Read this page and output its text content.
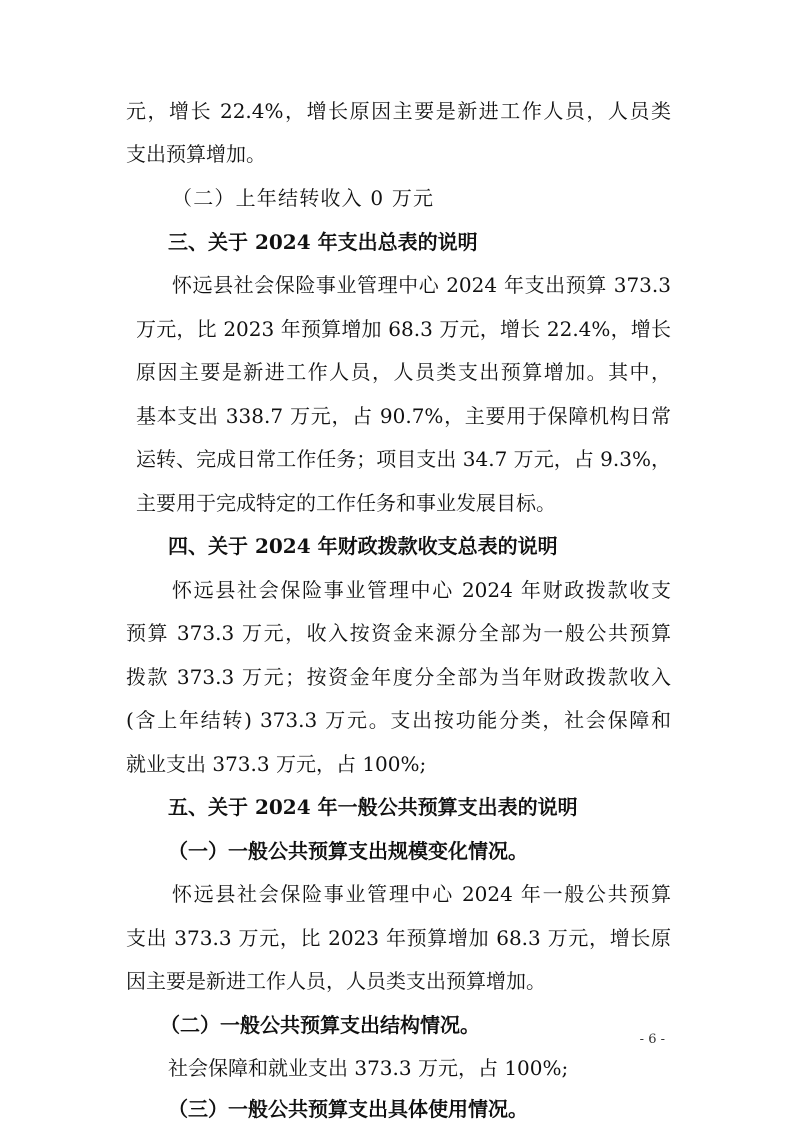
元，增长 22.4%，增长原因主要是新进工作人员，人员类
支出预算增加。
（二）上年结转收入 0 万元
三、关于 2024 年支出总表的说明
怀远县社会保险事业管理中心 2024 年支出预算 373.3
万元，比 2023 年预算增加 68.3 万元，增长 22.4%，增长
原因主要是新进工作人员，人员类支出预算增加。其中，
基本支出 338.7 万元，占 90.7%，主要用于保障机构日常
运转、完成日常工作任务；项目支出 34.7 万元，占 9.3%，
主要用于完成特定的工作任务和事业发展目标。
四、关于 2024 年财政拨款收支总表的说明
怀远县社会保险事业管理中心 2024 年财政拨款收支
预算 373.3 万元，收入按资金来源分全部为一般公共预算
拨款 373.3 万元；按资金年度分全部为当年财政拨款收入
(含上年结转) 373.3 万元。支出按功能分类，社会保障和
就业支出 373.3 万元，占 100%;
五、关于 2024 年一般公共预算支出表的说明
（一）一般公共预算支出规模变化情况。
怀远县社会保险事业管理中心 2024 年一般公共预算
支出 373.3 万元，比 2023 年预算增加 68.3 万元，增长原
因主要是新进工作人员，人员类支出预算增加。
（二）一般公共预算支出结构情况。
社会保障和就业支出 373.3 万元，占 100%;
（三）一般公共预算支出具体使用情况。
- 6 -
